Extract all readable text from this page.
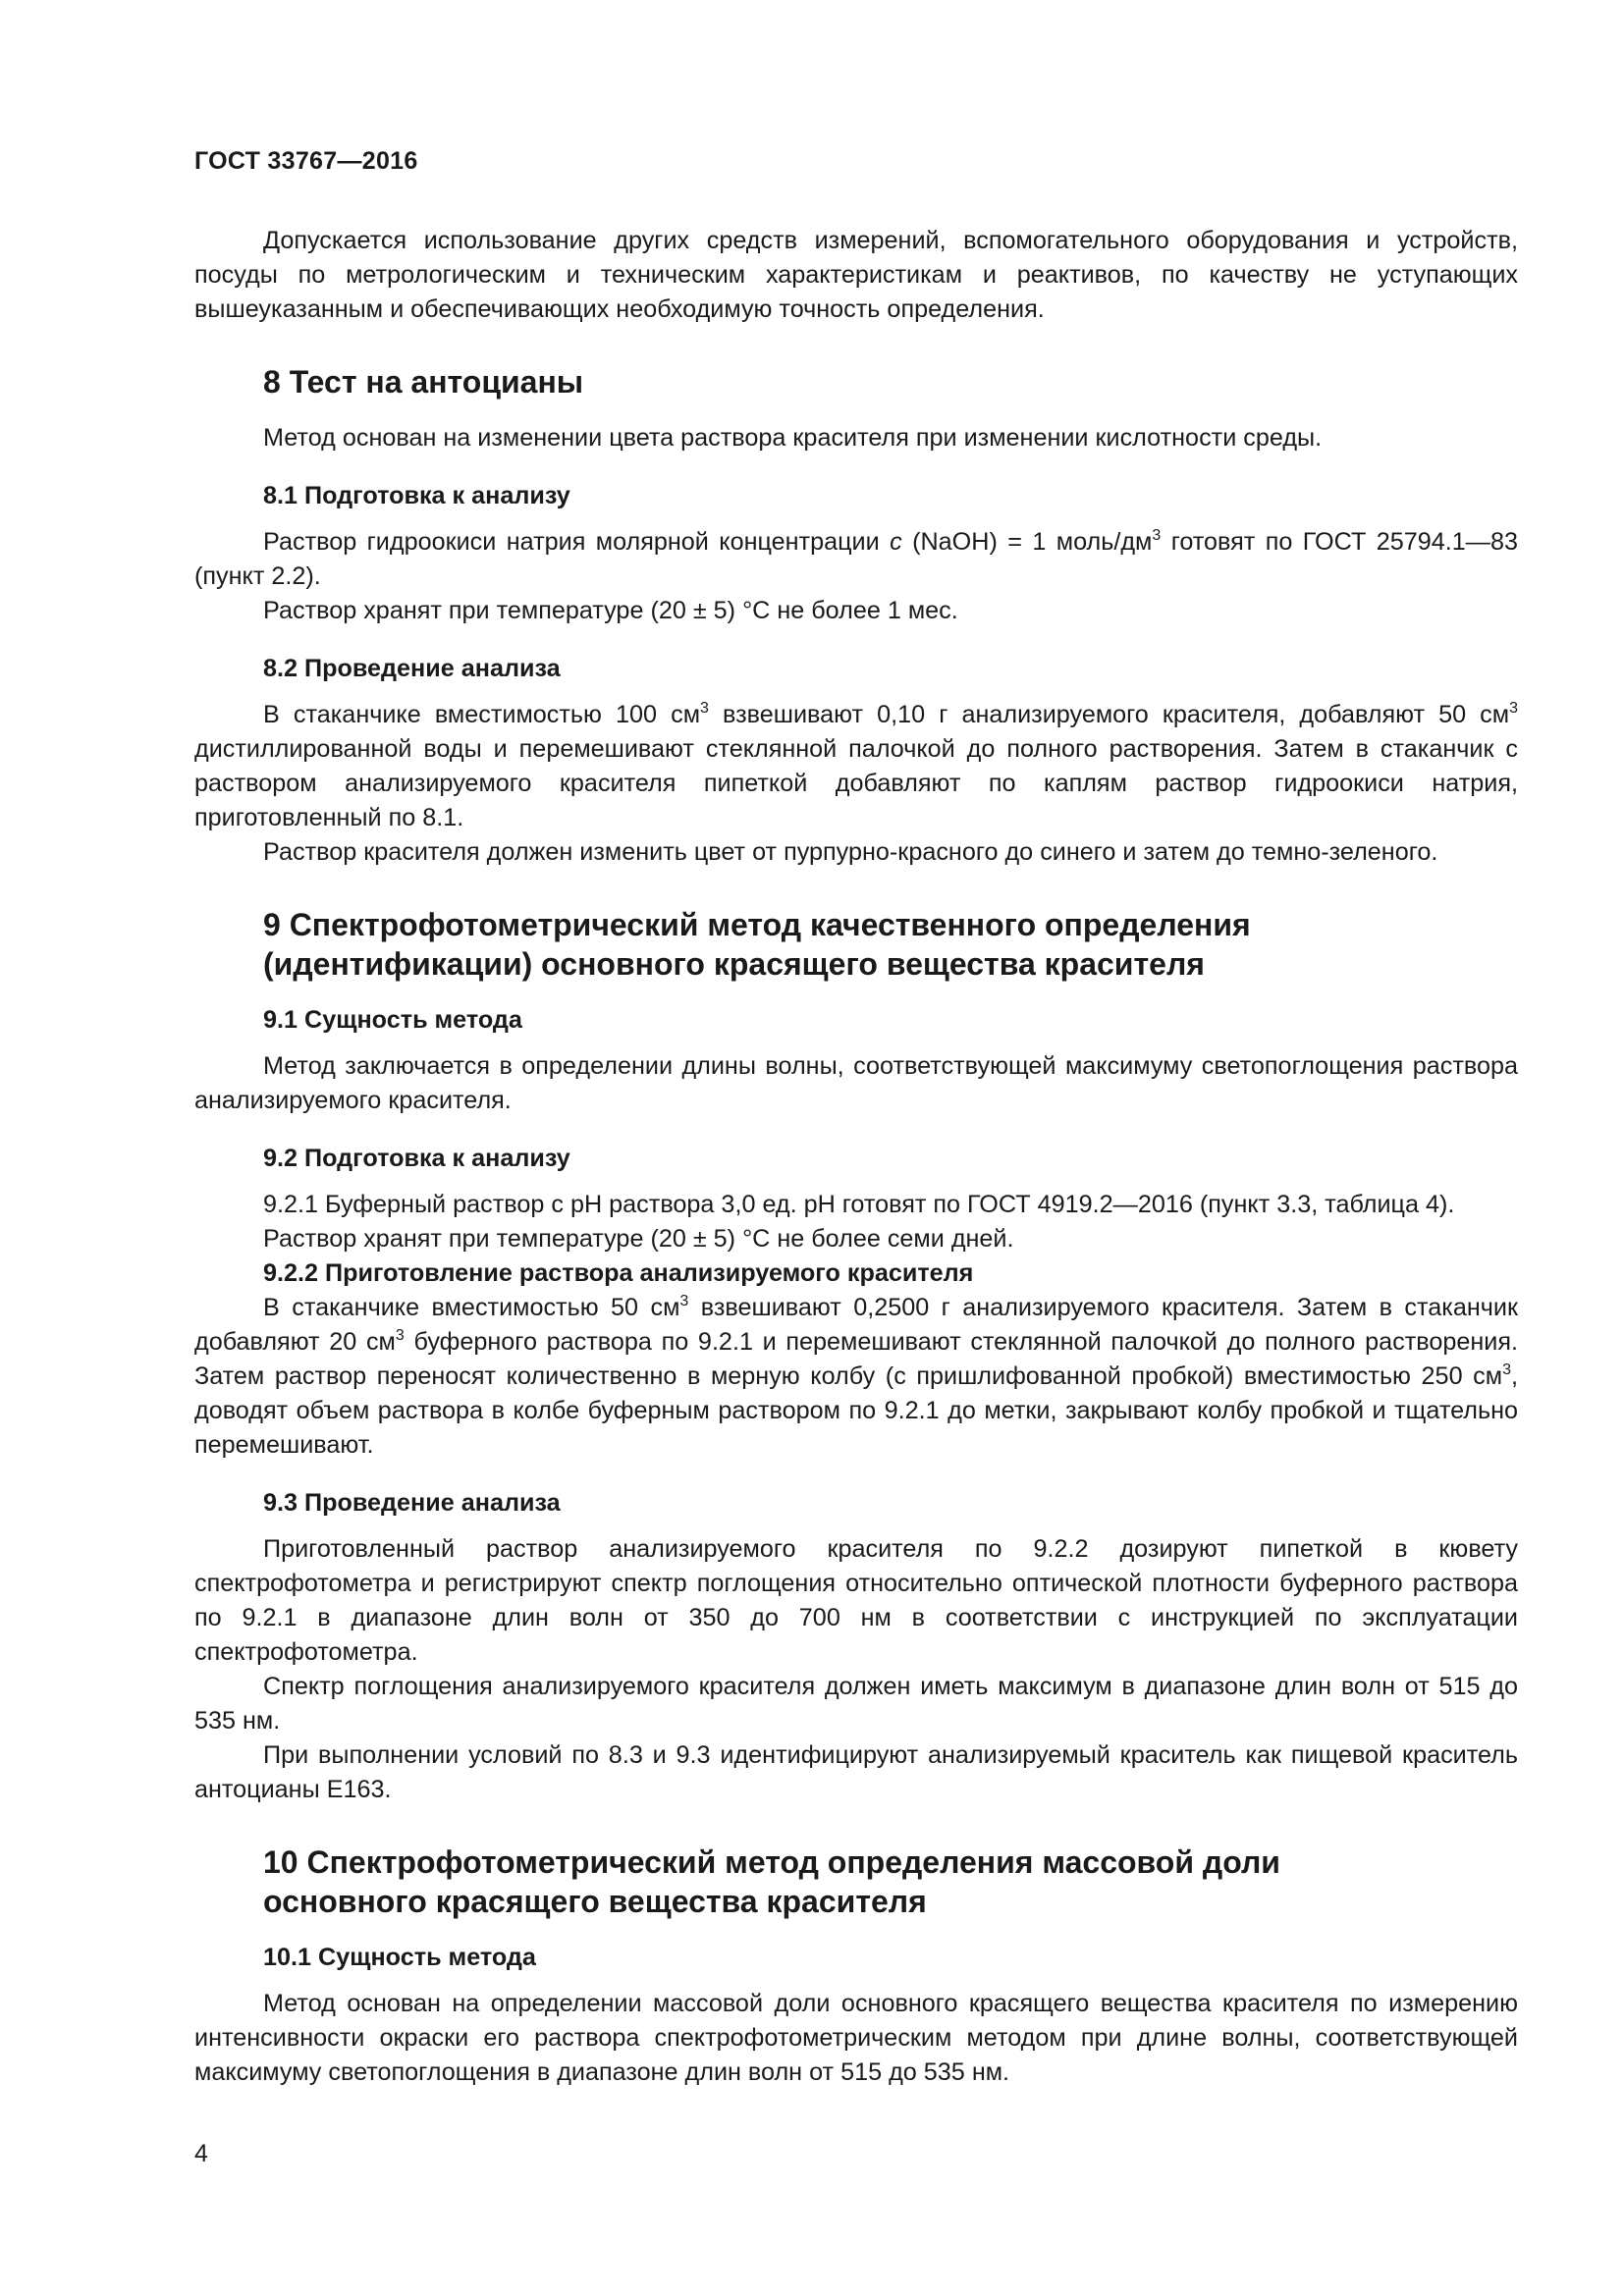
ГОСТ 33767—2016

Допускается использование других средств измерений, вспомогательного оборудования и устройств, посуды по метрологическим и техническим характеристикам и реактивов, по качеству не уступающих вышеуказанным и обеспечивающих необходимую точность определения.

8 Тест на антоцианы

Метод основан на изменении цвета раствора красителя при изменении кислотности среды.

8.1 Подготовка к анализу

Раствор гидроокиси натрия молярной концентрации c (NaOH) = 1 моль/$дм^3$ готовят по ГОСТ 25794.1—83 (пункт 2.2).

Раствор хранят при температуре (20 ± 5) °С не более 1 мес.

8.2 Проведение анализа

В стаканчике вместимостью 100 $см^3$ взвешивают 0,10 г анализируемого красителя, добавляют 50 $см^3$ дистиллированной воды и перемешивают стеклянной палочкой до полного растворения. Затем в стаканчик с раствором анализируемого красителя пипеткой добавляют по каплям раствор гидроокиси натрия, приготовленный по 8.1.

Раствор красителя должен изменить цвет от пурпурно-красного до синего и затем до темно-зеленого.

9 Спектрофотометрический метод качественного определения
(идентификации) основного красящего вещества красителя
9.1 Сущность метода

Метод заключается в определении длины волны, соответствующей максимуму светопоглощения раствора анализируемого красителя.

9.2 Подготовка к анализу

9.2.1 Буферный раствор с рН раствора 3,0 ед. рН готовят по ГОСТ 4919.2—2016 (пункт 3.3, таблица 4).

Раствор хранят при температуре (20 ± 5) °С не более семи дней.

9.2.2 Приготовление раствора анализируемого красителя

В стаканчике вместимостью 50 $см^3$ взвешивают 0,2500 г анализируемого красителя. Затем в стаканчик добавляют 20 $см^3$ буферного раствора по 9.2.1 и перемешивают стеклянной палочкой до полного растворения. Затем раствор переносят количественно в мерную колбу (с пришлифованной пробкой) вместимостью 250 $см^3$, доводят объем раствора в колбе буферным раствором по 9.2.1 до метки, закрывают колбу пробкой и тщательно перемешивают.

9.3 Проведение анализа

Приготовленный раствор анализируемого красителя по 9.2.2 дозируют пипеткой в кювету спектрофотометра и регистрируют спектр поглощения относительно оптической плотности буферного раствора по 9.2.1 в диапазоне длин волн от 350 до 700 нм в соответствии с инструкцией по эксплуатации спектрофотометра.

Спектр поглощения анализируемого красителя должен иметь максимум в диапазоне длин волн от 515 до 535 нм.

При выполнении условий по 8.3 и 9.3 идентифицируют анализируемый краситель как пищевой краситель антоцианы Е163.

10 Спектрофотометрический метод определения массовой доли
основного красящего вещества красителя
10.1 Сущность метода

Метод основан на определении массовой доли основного красящего вещества красителя по измерению интенсивности окраски его раствора спектрофотометрическим методом при длине волны, соответствующей максимуму светопоглощения в диапазоне длин волн от 515 до 535 нм.

4
